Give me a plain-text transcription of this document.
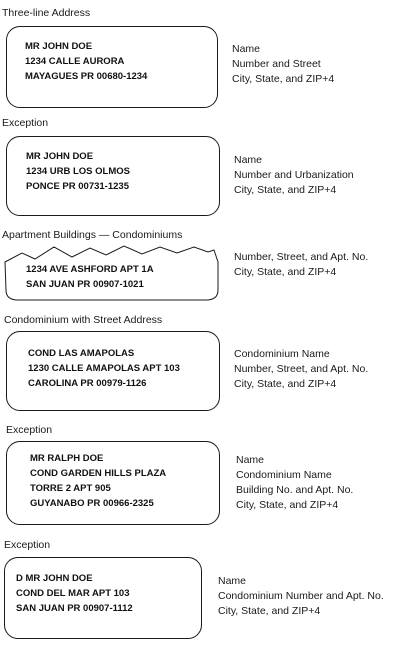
Three-line Address
MR JOHN DOE
1234 CALLE AURORA
MAYAGUES PR 00680-1234
Name
Number and Street
City, State, and ZIP+4
Exception
MR JOHN DOE
1234 URB LOS OLMOS
PONCE PR 00731-1235
Name
Number and Urbanization
City, State, and ZIP+4
Apartment Buildings — Condominiums
1234 AVE ASHFORD APT 1A
SAN JUAN PR 00907-1021
Number, Street, and Apt. No.
City, State, and ZIP+4
Condominium with Street Address
COND LAS AMAPOLAS
1230 CALLE AMAPOLAS APT 103
CAROLINA PR 00979-1126
Condominium Name
Number, Street, and Apt. No.
City, State, and ZIP+4
Exception
MR RALPH DOE
COND GARDEN HILLS PLAZA
TORRE 2 APT 905
GUYANABO PR 00966-2325
Name
Condominium Name
Building No. and Apt. No.
City, State, and ZIP+4
Exception
D MR JOHN DOE
COND DEL MAR APT 103
SAN JUAN PR 00907-1112
Name
Condominium Number and Apt. No.
City, State, and ZIP+4
